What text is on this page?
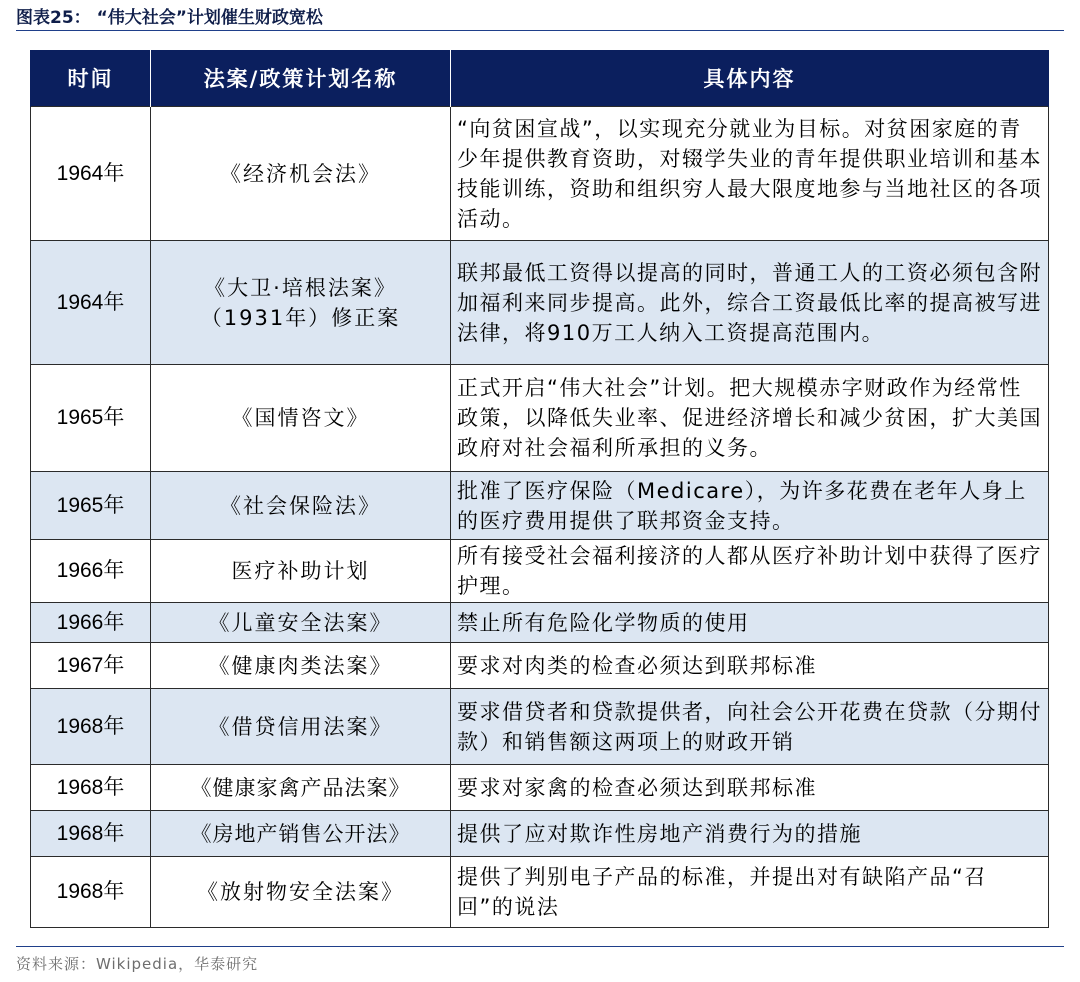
图表25： “伟大社会”计划催生财政宽松
时间	法案/政策计划名称	具体内容
1964年	《经济机会法》	“向贫困宣战”，以实现充分就业为目标。对贫困家庭的青少年提供教育资助，对辍学失业的青年提供职业培训和基本技能训练，资助和组织穷人最大限度地参与当地社区的各项活动。
1964年	《大卫·培根法案》（1931年）修正案	联邦最低工资得以提高的同时，普通工人的工资必须包含附加福利来同步提高。此外，综合工资最低比率的提高被写进法律，将910万工人纳入工资提高范围内。
1965年	《国情咨文》	正式开启“伟大社会”计划。把大规模赤字财政作为经常性政策，以降低失业率、促进经济增长和减少贫困，扩大美国政府对社会福利所承担的义务。
1965年	《社会保险法》	批准了医疗保险（Medicare），为许多花费在老年人身上的医疗费用提供了联邦资金支持。
1966年	医疗补助计划	所有接受社会福利接济的人都从医疗补助计划中获得了医疗护理。
1966年	《儿童安全法案》	禁止所有危险化学物质的使用
1967年	《健康肉类法案》	要求对肉类的检查必须达到联邦标准
1968年	《借贷信用法案》	要求借贷者和贷款提供者，向社会公开花费在贷款（分期付款）和销售额这两项上的财政开销
1968年	《健康家禽产品法案》	要求对家禽的检查必须达到联邦标准
1968年	《房地产销售公开法》	提供了应对欺诈性房地产消费行为的措施
1968年	《放射物安全法案》	提供了判别电子产品的标准，并提出对有缺陷产品“召回”的说法
资料来源：Wikipedia，华泰研究
